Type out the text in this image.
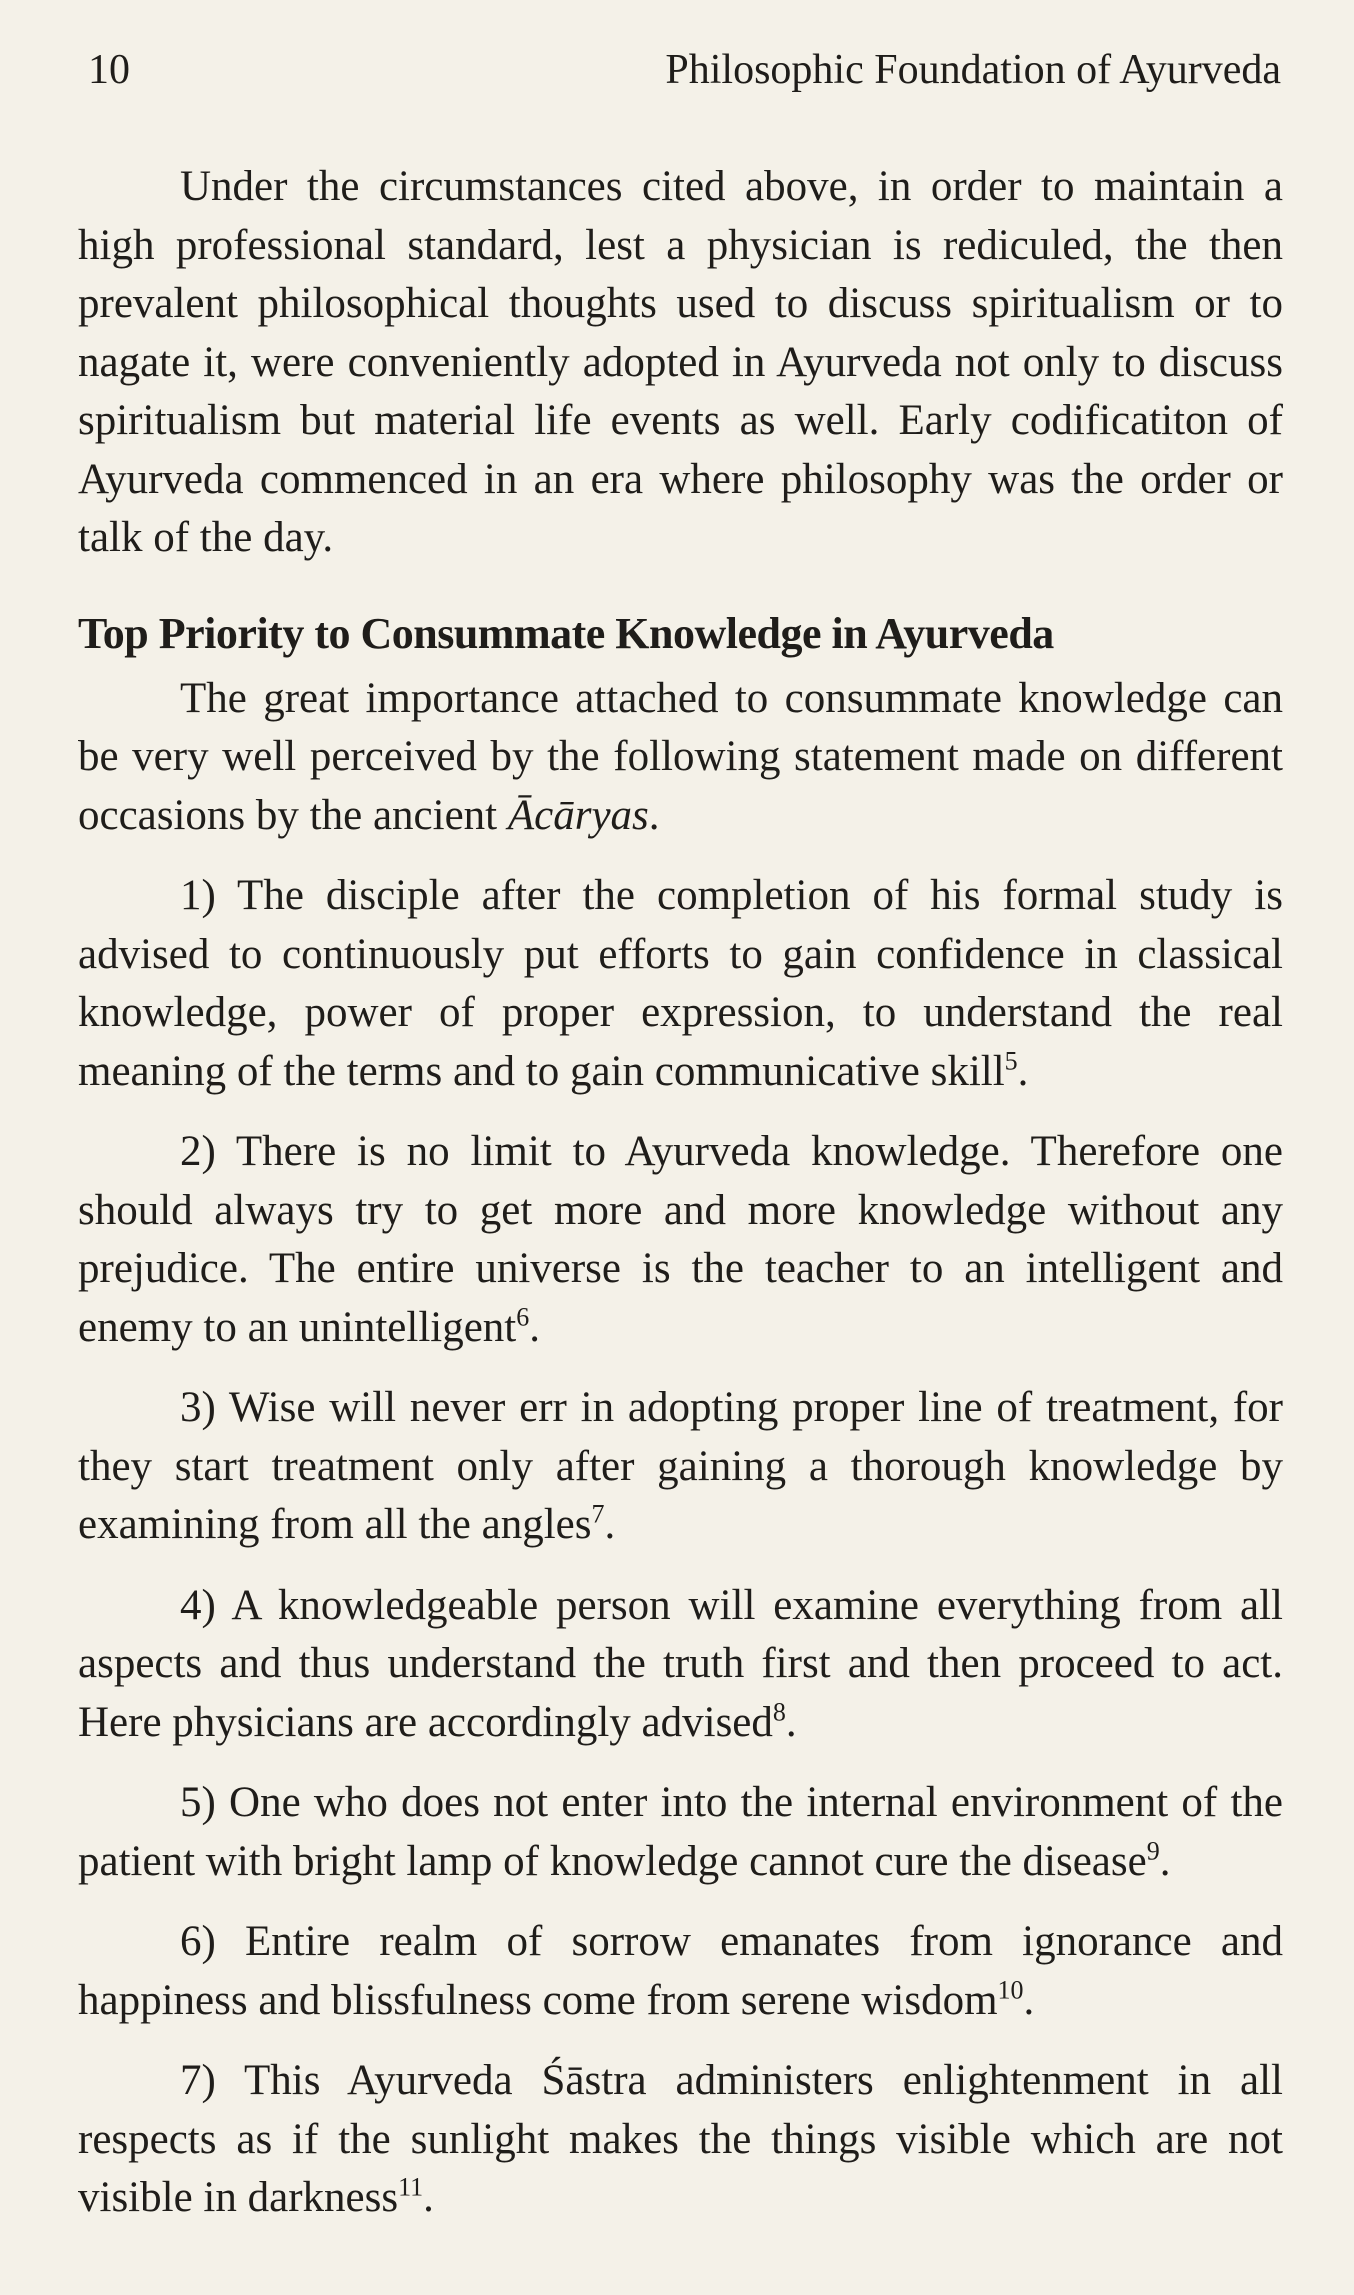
10	Philosophic Foundation of Ayurveda

Under the circumstances cited above, in order to maintain a high professional standard, lest a physician is rediculed, the then prevalent philosophical thoughts used to discuss spiritualism or to nagate it, were conveniently adopted in Ayurveda not only to discuss spiritualism but material life events as well. Early codificatiton of Ayurveda commenced in an era where philosophy was the order or talk of the day.

Top Priority to Consummate Knowledge in Ayurveda

The great importance attached to consummate knowledge can be very well perceived by the following statement made on different occasions by the ancient Ācāryas.

1) The disciple after the completion of his formal study is advised to continuously put efforts to gain confidence in classical knowledge, power of proper expression, to understand the real meaning of the terms and to gain communicative skill$^5$.

2) There is no limit to Ayurveda knowledge. Therefore one should always try to get more and more knowledge without any prejudice. The entire universe is the teacher to an intelligent and enemy to an unintelligent$^6$.

3) Wise will never err in adopting proper line of treatment, for they start treatment only after gaining a thorough knowledge by examining from all the angles$^7$.

4) A knowledgeable person will examine everything from all aspects and thus understand the truth first and then proceed to act. Here physicians are accordingly advised$^8$.

5) One who does not enter into the internal environment of the patient with bright lamp of knowledge cannot cure the disease$^9$.

6) Entire realm of sorrow emanates from ignorance and happiness and blissfulness come from serene wisdom$^{10}$.

7) This Ayurveda Śāstra administers enlightenment in all respects as if the sunlight makes the things visible which are not visible in darkness$^{11}$.
